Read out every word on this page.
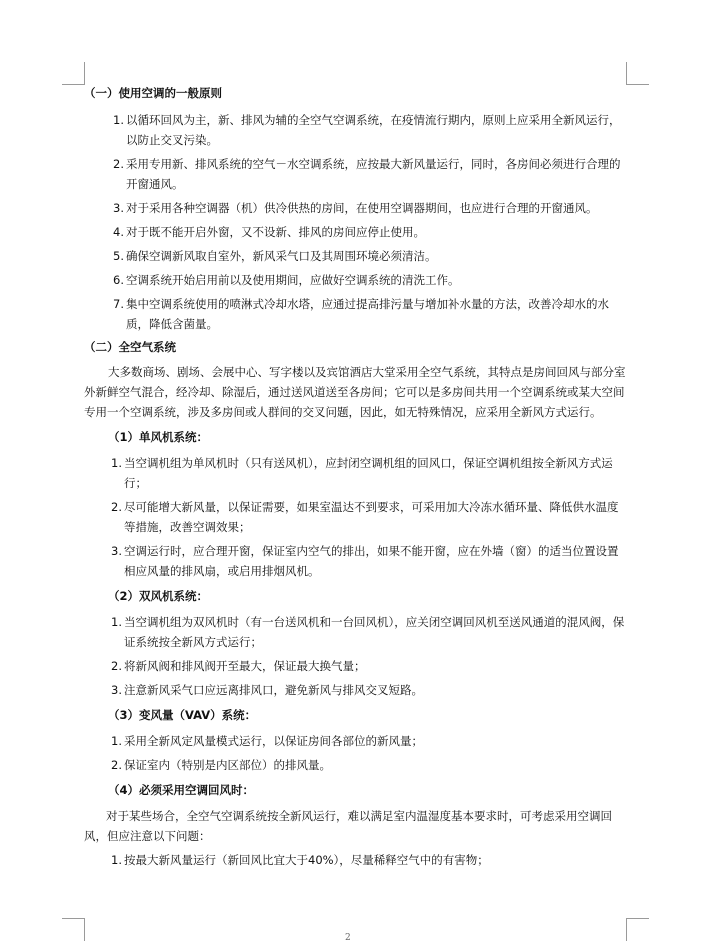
（一）使用空调的一般原则
1. 以循环回风为主，新、排风为辅的全空气空调系统，在疫情流行期内，原则上应采用全新风运行，以防止交叉污染。
2. 采用专用新、排风系统的空气－水空调系统，应按最大新风量运行，同时，各房间必须进行合理的开窗通风。
3. 对于采用各种空调器（机）供冷供热的房间，在使用空调器期间，也应进行合理的开窗通风。
4. 对于既不能开启外窗，又不设新、排风的房间应停止使用。
5. 确保空调新风取自室外，新风采气口及其周围环境必须清洁。
6. 空调系统开始启用前以及使用期间，应做好空调系统的清洗工作。
7. 集中空调系统使用的喷淋式冷却水塔，应通过提高排污量与增加补水量的方法，改善冷却水的水质，降低含菌量。
（二）全空气系统

大多数商场、剧场、会展中心、写字楼以及宾馆酒店大堂采用全空气系统，其特点是房间回风与部分室外新鲜空气混合，经冷却、除湿后，通过送风道送至各房间；它可以是多房间共用一个空调系统或某大空间专用一个空调系统，涉及多房间或人群间的交叉问题，因此，如无特殊情况，应采用全新风方式运行。

（1）单风机系统：
1. 当空调机组为单风机时（只有送风机），应封闭空调机组的回风口，保证空调机组按全新风方式运行；
2. 尽可能增大新风量，以保证需要，如果室温达不到要求，可采用加大冷冻水循环量、降低供水温度等措施，改善空调效果；
3. 空调运行时，应合理开窗，保证室内空气的排出，如果不能开窗，应在外墙（窗）的适当位置设置相应风量的排风扇，或启用排烟风机。
（2）双风机系统：
1. 当空调机组为双风机时（有一台送风机和一台回风机），应关闭空调回风机至送风通道的混风阀，保证系统按全新风方式运行；
2. 将新风阀和排风阀开至最大，保证最大换气量；
3. 注意新风采气口应远离排风口，避免新风与排风交叉短路。
（3）变风量（VAV）系统：
1. 采用全新风定风量模式运行，以保证房间各部位的新风量；
2. 保证室内（特别是内区部位）的排风量。
（4）必须采用空调回风时：

对于某些场合，全空气空调系统按全新风运行，难以满足室内温湿度基本要求时，可考虑采用空调回风，但应注意以下问题：

1. 按最大新风量运行（新回风比宜大于40%），尽量稀释空气中的有害物；
2
